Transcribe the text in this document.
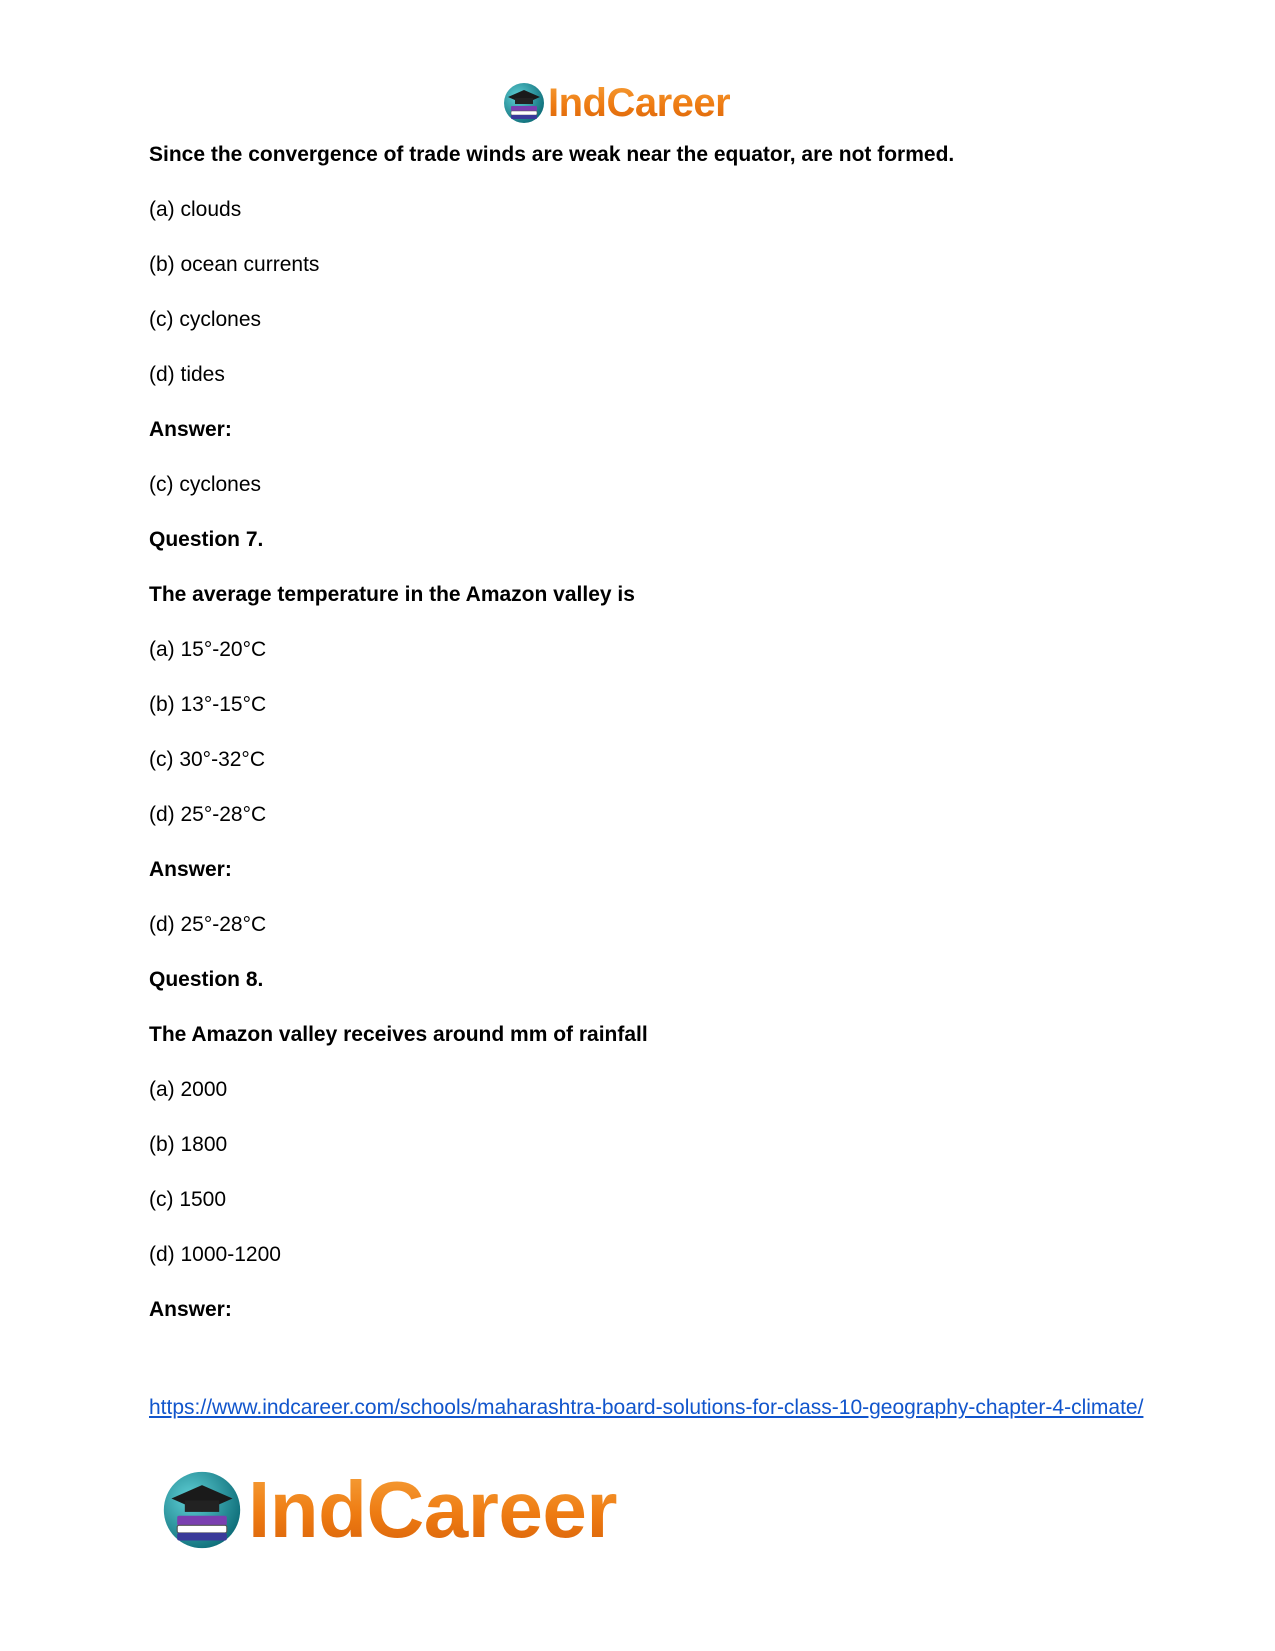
IndCareer
Since the convergence of trade winds are weak near the equator, are not formed.
(a) clouds
(b) ocean currents
(c) cyclones
(d) tides
Answer:
(c) cyclones
Question 7.
The average temperature in the Amazon valley is
(a) 15°-20°C
(b) 13°-15°C
(c) 30°-32°C
(d) 25°-28°C
Answer:
(d) 25°-28°C
Question 8.
The Amazon valley receives around mm of rainfall
(a) 2000
(b) 1800
(c) 1500
(d) 1000-1200
Answer:
https://www.indcareer.com/schools/maharashtra-board-solutions-for-class-10-geography-chapter-4-climate/
IndCareer
